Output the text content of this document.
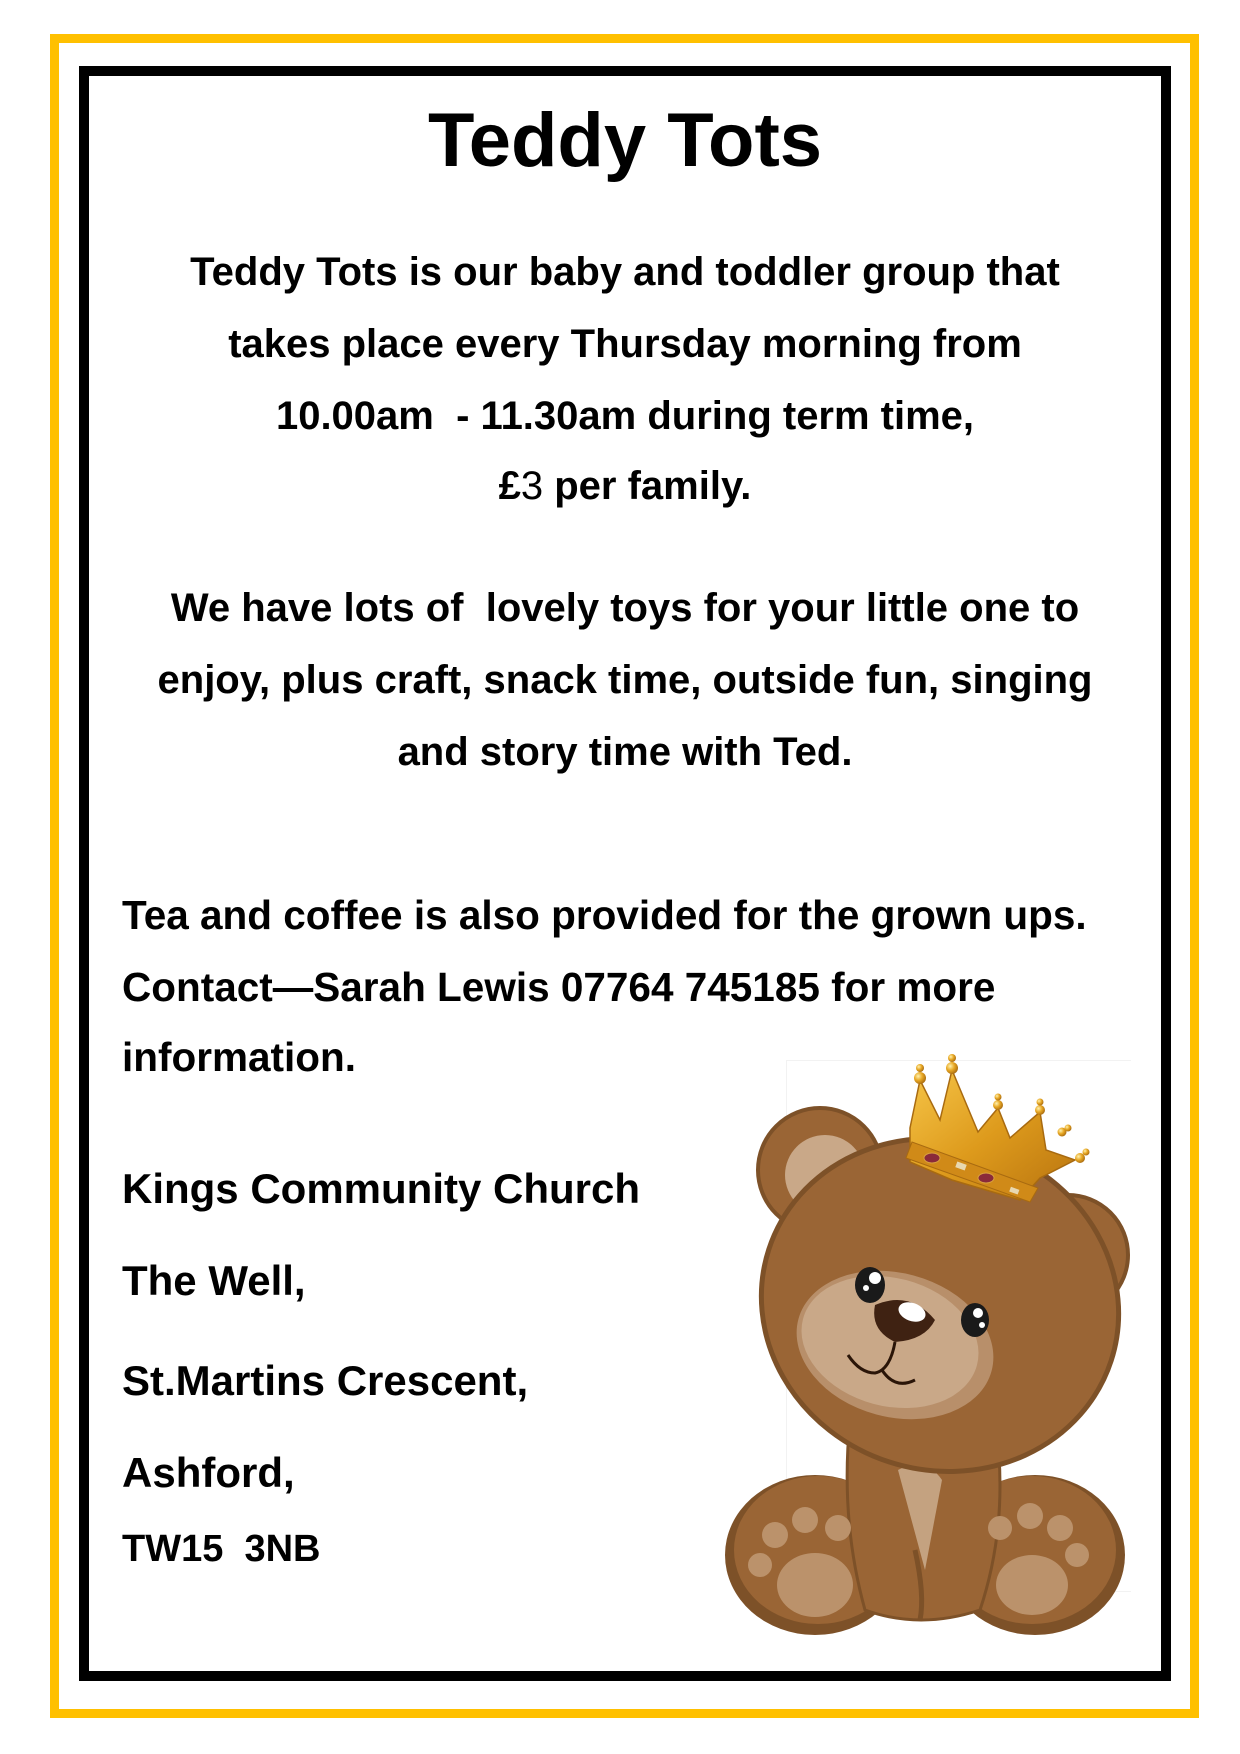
Teddy Tots
Teddy Tots is our baby and toddler group that
takes place every Thursday morning from
10.00am  - 11.30am during term time,
£3 per family.
We have lots of  lovely toys for your little one to
enjoy, plus craft, snack time, outside fun, singing
and story time with Ted.
Tea and coffee is also provided for the grown ups.
Contact—Sarah Lewis 07764 745185 for more
information.
Kings Community Church
The Well,
St.Martins Crescent,
Ashford,
TW15  3NB
